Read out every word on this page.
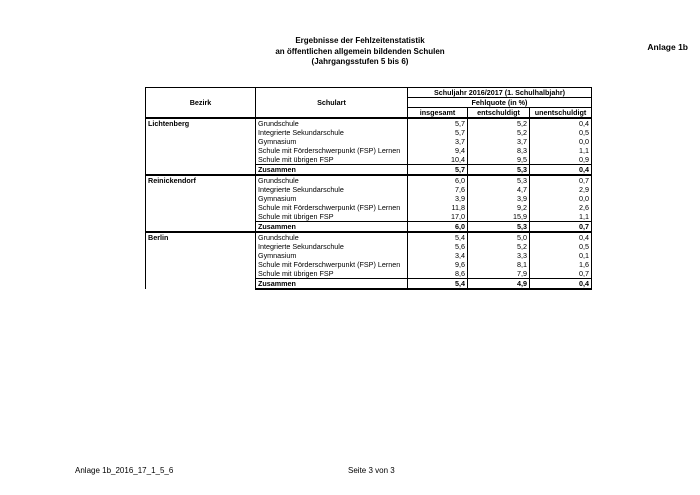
Ergebnisse der Fehlzeitenstatistik
an öffentlichen allgemein bildenden Schulen
(Jahrgangsstufen 5 bis 6)
Anlage 1b
Bezirk	Schulart	Schuljahr 2016/2017 (1. Schulhalbjahr)		
		Fehlquote (in %)		
		insgesamt	entschuldigt	unentschuldigt
Lichtenberg	Grundschule	5,7	5,2	0,4
	Integrierte Sekundarschule	5,7	5,2	0,5
	Gymnasium	3,7	3,7	0,0
	Schule mit Förderschwerpunkt (FSP) Lernen	9,4	8,3	1,1
	Schule mit übrigen FSP	10,4	9,5	0,9
	Zusammen	5,7	5,3	0,4
Reinickendorf	Grundschule	6,0	5,3	0,7
	Integrierte Sekundarschule	7,6	4,7	2,9
	Gymnasium	3,9	3,9	0,0
	Schule mit Förderschwerpunkt (FSP) Lernen	11,8	9,2	2,6
	Schule mit übrigen FSP	17,0	15,9	1,1
	Zusammen	6,0	5,3	0,7
Berlin	Grundschule	5,4	5,0	0,4
	Integrierte Sekundarschule	5,6	5,2	0,5
	Gymnasium	3,4	3,3	0,1
	Schule mit Förderschwerpunkt (FSP) Lernen	9,6	8,1	1,6
	Schule mit übrigen FSP	8,6	7,9	0,7
	Zusammen	5,4	4,9	0,4
Anlage 1b_2016_17_1_5_6	Seite 3 von 3
